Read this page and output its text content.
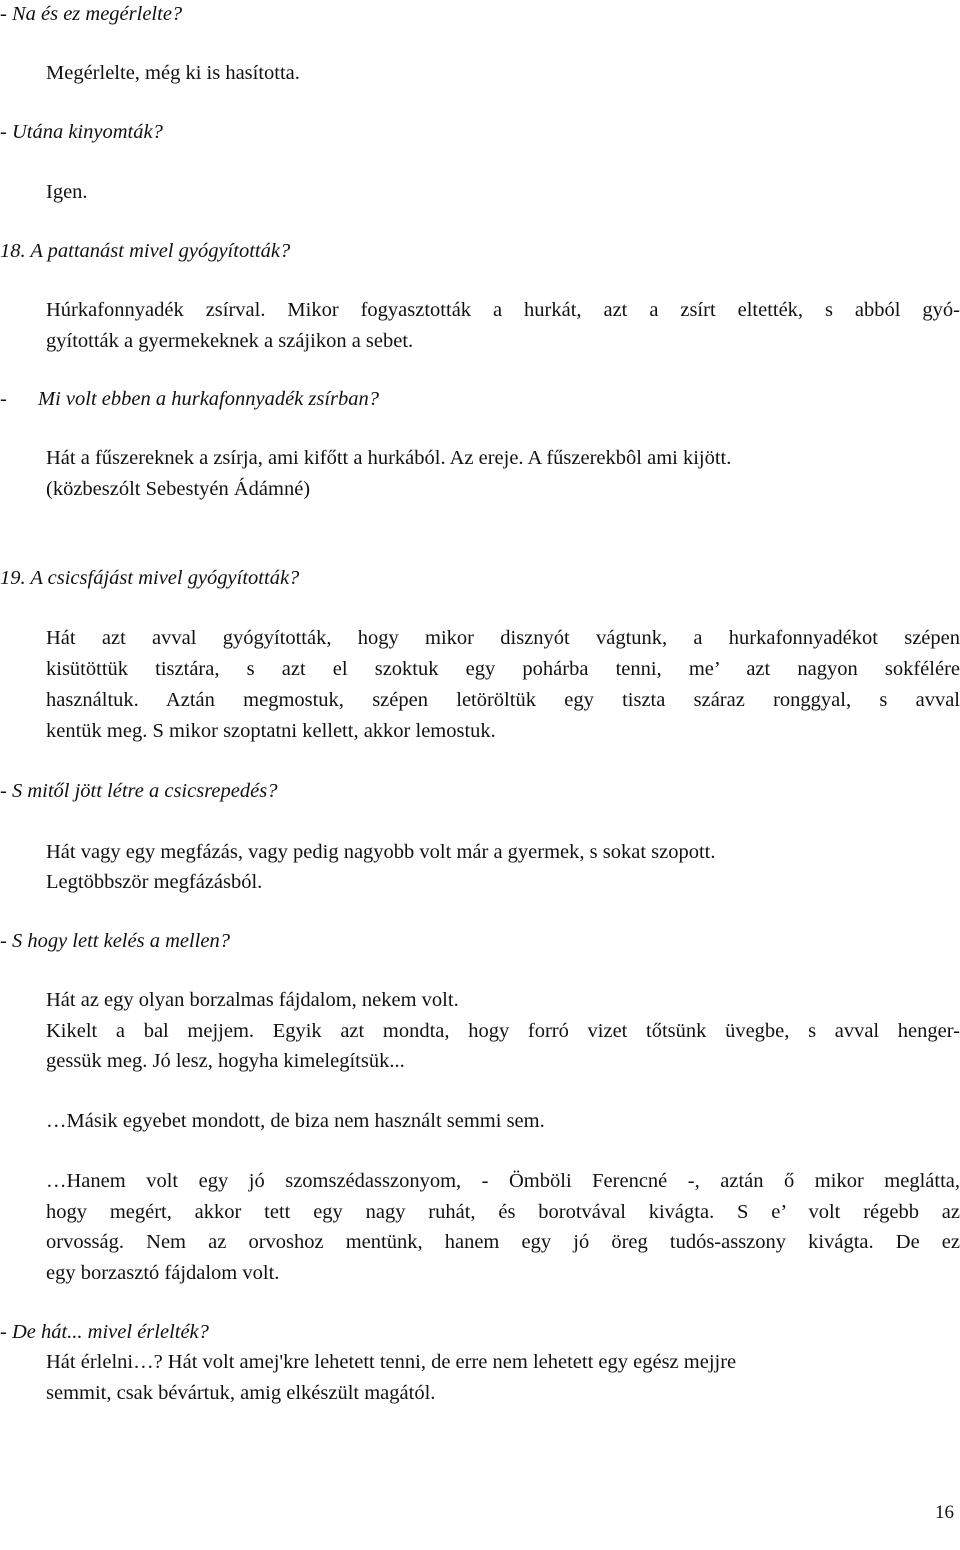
- Na és ez megérlelte?
Megérlelte, még ki is hasította.
- Utána kinyomták?
Igen.
18. A pattanást mivel gyógyították?
Húrkafonnyadék zsírval. Mikor fogyasztották a hurkát, azt a zsírt eltették, s abból gyó-
gyították a gyermekeknek a szájikon a sebet.
- Mi volt ebben a hurkafonnyadék zsírban?
Hát a fűszereknek a zsírja, ami kifőtt a hurkából. Az ereje. A fűszerekbôl ami kijött.
(közbeszólt Sebestyén Ádámné)
19. A csicsfájást mivel gyógyították?
Hát azt avval gyógyították, hogy mikor disznyót vágtunk, a hurkafonnyadékot szépen
kisütöttük tisztára, s azt el szoktuk egy pohárba tenni, me’ azt nagyon sokfélére
használtuk. Aztán megmostuk, szépen letöröltük egy tiszta száraz ronggyal, s avval
kentük meg. S mikor szoptatni kellett, akkor lemostuk.
- S mitől jött létre a csicsrepedés?
Hát vagy egy megfázás, vagy pedig nagyobb volt már a gyermek, s sokat szopott.
Legtöbbször megfázásból.
- S hogy lett kelés a mellen?
Hát az egy olyan borzalmas fájdalom, nekem volt.
Kikelt a bal mejjem. Egyik azt mondta, hogy forró vizet tőtsünk üvegbe, s avval henger-
gessük meg. Jó lesz, hogyha kimelegítsük...
…Másik egyebet mondott, de biza nem használt semmi sem.
…Hanem volt egy jó szomszédasszonyom, - Ömböli Ferencné -, aztán ő mikor meglátta,
hogy megért, akkor tett egy nagy ruhát, és borotvával kivágta. S e’ volt régebb az
orvosság. Nem az orvoshoz mentünk, hanem egy jó öreg tudós-asszony kivágta. De ez
egy borzasztó fájdalom volt.
- De hát... mivel érlelték?
Hát érlelni…? Hát volt amej'kre lehetett tenni, de erre nem lehetett egy egész mejjre
semmit, csak bévártuk, amig elkészült magától.
16
